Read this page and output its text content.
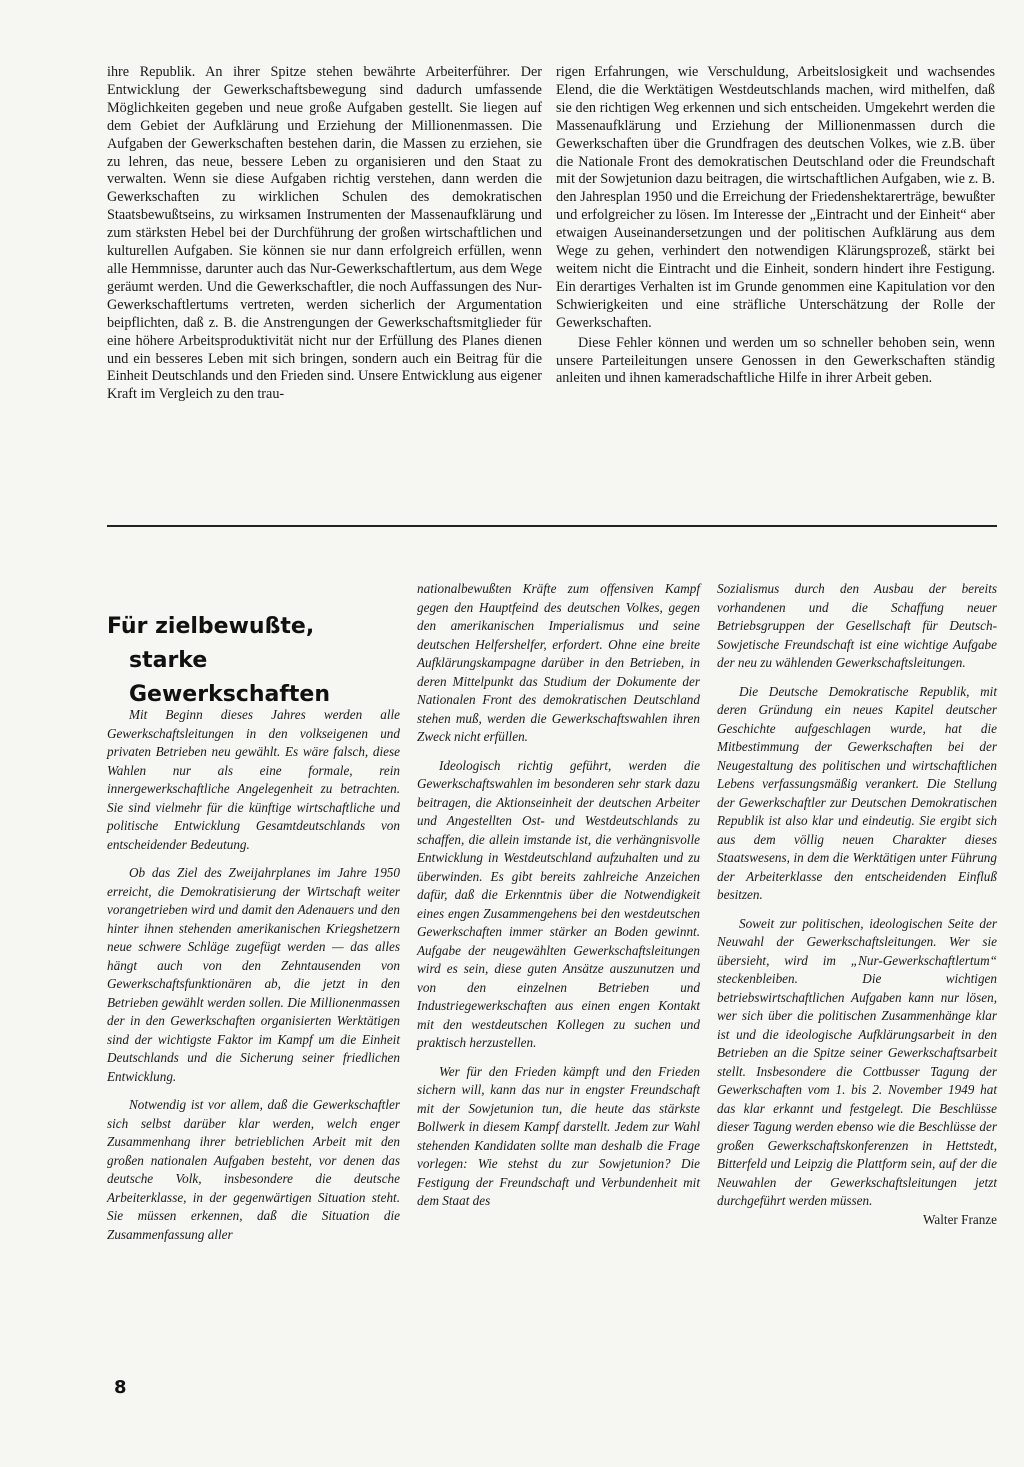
ihre Republik. An ihrer Spitze stehen bewährte Arbeiterführer. Der Entwicklung der Gewerkschaftsbewegung sind dadurch umfassende Möglichkeiten gegeben und neue große Aufgaben gestellt. Sie liegen auf dem Gebiet der Aufklärung und Erziehung der Millionenmassen. Die Aufgaben der Gewerkschaften bestehen darin, die Massen zu erziehen, sie zu lehren, das neue, bessere Leben zu organisieren und den Staat zu verwalten. Wenn sie diese Aufgaben richtig verstehen, dann werden die Gewerkschaften zu wirklichen Schulen des demokratischen Staatsbewußtseins, zu wirksamen Instrumenten der Massenaufklärung und zum stärksten Hebel bei der Durchführung der großen wirtschaftlichen und kulturellen Aufgaben. Sie können sie nur dann erfolgreich erfüllen, wenn alle Hemmnisse, darunter auch das Nur-Gewerkschaftlertum, aus dem Wege geräumt werden. Und die Gewerkschaftler, die noch Auffassungen des Nur-Gewerkschaftlertums vertreten, werden sicherlich der Argumentation beipflichten, daß z. B. die Anstrengungen der Gewerkschaftsmitglieder für eine höhere Arbeitsproduktivität nicht nur der Erfüllung des Planes dienen und ein besseres Leben mit sich bringen, sondern auch ein Beitrag für die Einheit Deutschlands und den Frieden sind. Unsere Entwicklung aus eigener Kraft im Vergleich zu den trau-

rigen Erfahrungen, wie Verschuldung, Arbeitslosigkeit und wachsendes Elend, die die Werktätigen Westdeutschlands machen, wird mithelfen, daß sie den richtigen Weg erkennen und sich entscheiden. Umgekehrt werden die Massenaufklärung und Erziehung der Millionenmassen durch die Gewerkschaften über die Grundfragen des deutschen Volkes, wie z.B. über die Nationale Front des demokratischen Deutschland oder die Freundschaft mit der Sowjetunion dazu beitragen, die wirtschaftlichen Aufgaben, wie z. B. den Jahresplan 1950 und die Erreichung der Friedenshektarerträge, bewußter und erfolgreicher zu lösen. Im Interesse der „Eintracht und der Einheit“ aber etwaigen Auseinandersetzungen und der politischen Aufklärung aus dem Wege zu gehen, verhindert den notwendigen Klärungsprozeß, stärkt bei weitem nicht die Eintracht und die Einheit, sondern hindert ihre Festigung. Ein derartiges Verhalten ist im Grunde genommen eine Kapitulation vor den Schwierigkeiten und eine sträfliche Unterschätzung der Rolle der Gewerkschaften.

Diese Fehler können und werden um so schneller behoben sein, wenn unsere Parteileitungen unsere Genossen in den Gewerkschaften ständig anleiten und ihnen kameradschaftliche Hilfe in ihrer Arbeit geben.

Für zielbewußte,
starke Gewerkschaften

Mit Beginn dieses Jahres werden alle Gewerkschaftsleitungen in den volkseigenen und privaten Betrieben neu gewählt. Es wäre falsch, diese Wahlen nur als eine formale, rein innergewerkschaftliche Angelegenheit zu betrachten. Sie sind vielmehr für die künftige wirtschaftliche und politische Entwicklung Gesamtdeutschlands von entscheidender Bedeutung.

Ob das Ziel des Zweijahrplanes im Jahre 1950 erreicht, die Demokratisierung der Wirtschaft weiter vorangetrieben wird und damit den Adenauers und den hinter ihnen stehenden amerikanischen Kriegshetzern neue schwere Schläge zugefügt werden — das alles hängt auch von den Zehntausenden von Gewerkschaftsfunktionären ab, die jetzt in den Betrieben gewählt werden sollen. Die Millionenmassen der in den Gewerkschaften organisierten Werktätigen sind der wichtigste Faktor im Kampf um die Einheit Deutschlands und die Sicherung seiner friedlichen Entwicklung.

Notwendig ist vor allem, daß die Gewerkschaftler sich selbst darüber klar werden, welch enger Zusammenhang ihrer betrieblichen Arbeit mit den großen nationalen Aufgaben besteht, vor denen das deutsche Volk, insbesondere die deutsche Arbeiterklasse, in der gegenwärtigen Situation steht. Sie müssen erkennen, daß die Situation die Zusammenfassung aller

nationalbewußten Kräfte zum offensiven Kampf gegen den Hauptfeind des deutschen Volkes, gegen den amerikanischen Imperialismus und seine deutschen Helfershelfer, erfordert. Ohne eine breite Aufklärungskampagne darüber in den Betrieben, in deren Mittelpunkt das Studium der Dokumente der Nationalen Front des demokratischen Deutschland stehen muß, werden die Gewerkschaftswahlen ihren Zweck nicht erfüllen.

Ideologisch richtig geführt, werden die Gewerkschaftswahlen im besonderen sehr stark dazu beitragen, die Aktionseinheit der deutschen Arbeiter und Angestellten Ost- und Westdeutschlands zu schaffen, die allein imstande ist, die verhängnisvolle Entwicklung in Westdeutschland aufzuhalten und zu überwinden. Es gibt bereits zahlreiche Anzeichen dafür, daß die Erkenntnis über die Notwendigkeit eines engen Zusammengehens bei den westdeutschen Gewerkschaften immer stärker an Boden gewinnt. Aufgabe der neugewählten Gewerkschaftsleitungen wird es sein, diese guten Ansätze auszunutzen und von den einzelnen Betrieben und Industriegewerkschaften aus einen engen Kontakt mit den westdeutschen Kollegen zu suchen und praktisch herzustellen.

Wer für den Frieden kämpft und den Frieden sichern will, kann das nur in engster Freundschaft mit der Sowjetunion tun, die heute das stärkste Bollwerk in diesem Kampf darstellt. Jedem zur Wahl stehenden Kandidaten sollte man deshalb die Frage vorlegen: Wie stehst du zur Sowjetunion? Die Festigung der Freundschaft und Verbundenheit mit dem Staat des

Sozialismus durch den Ausbau der bereits vorhandenen und die Schaffung neuer Betriebsgruppen der Gesellschaft für Deutsch-Sowjetische Freundschaft ist eine wichtige Aufgabe der neu zu wählenden Gewerkschaftsleitungen.

Die Deutsche Demokratische Republik, mit deren Gründung ein neues Kapitel deutscher Geschichte aufgeschlagen wurde, hat die Mitbestimmung der Gewerkschaften bei der Neugestaltung des politischen und wirtschaftlichen Lebens verfassungsmäßig verankert. Die Stellung der Gewerkschaftler zur Deutschen Demokratischen Republik ist also klar und eindeutig. Sie ergibt sich aus dem völlig neuen Charakter dieses Staatswesens, in dem die Werktätigen unter Führung der Arbeiterklasse den entscheidenden Einfluß besitzen.

Soweit zur politischen, ideologischen Seite der Neuwahl der Gewerkschaftsleitungen. Wer sie übersieht, wird im „Nur-Gewerkschaftlertum“ steckenbleiben. Die wichtigen betriebswirtschaftlichen Aufgaben kann nur lösen, wer sich über die politischen Zusammenhänge klar ist und die ideologische Aufklärungsarbeit in den Betrieben an die Spitze seiner Gewerkschaftsarbeit stellt. Insbesondere die Cottbusser Tagung der Gewerkschaften vom 1. bis 2. November 1949 hat das klar erkannt und festgelegt. Die Beschlüsse dieser Tagung werden ebenso wie die Beschlüsse der großen Gewerkschaftskonferenzen in Hettstedt, Bitterfeld und Leipzig die Plattform sein, auf der die Neuwahlen der Gewerkschaftsleitungen jetzt durchgeführt werden müssen.

Walter Franze
8
